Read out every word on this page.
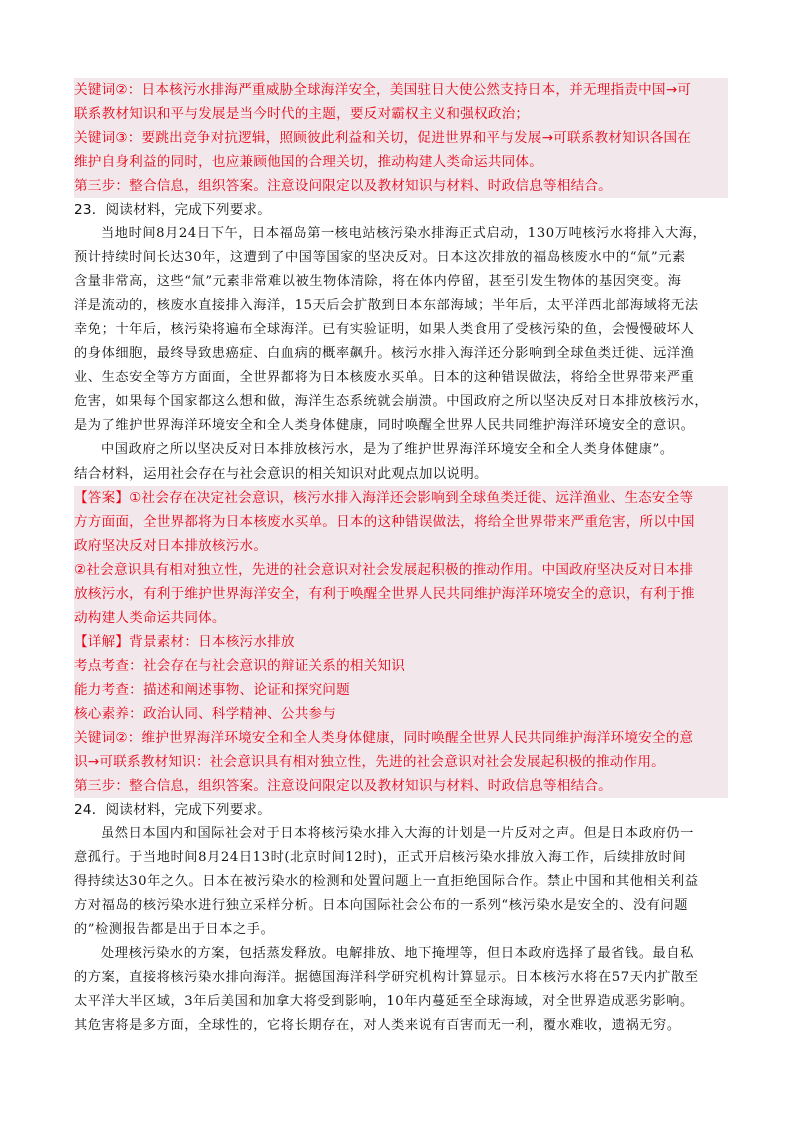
关键词②：日本核污水排海严重威胁全球海洋安全，美国驻日大使公然支持日本，并无理指责中国→可
联系教材知识和平与发展是当今时代的主题，要反对霸权主义和强权政治；
关键词③：要跳出竞争对抗逻辑，照顾彼此利益和关切，促进世界和平与发展→可联系教材知识各国在
维护自身利益的同时，也应兼顾他国的合理关切，推动构建人类命运共同体。
第三步：整合信息，组织答案。注意设问限定以及教材知识与材料、时政信息等相结合。
23．阅读材料，完成下列要求。
当地时间8月24日下午，日本福岛第一核电站核污染水排海正式启动，130万吨核污水将排入大海，
预计持续时间长达30年，这遭到了中国等国家的坚决反对。日本这次排放的福岛核废水中的“氚”元素
含量非常高，这些“氚”元素非常难以被生物体清除，将在体内停留，甚至引发生物体的基因突变。海
洋是流动的，核废水直接排入海洋，15天后会扩散到日本东部海域；半年后，太平洋西北部海域将无法
幸免；十年后，核污染将遍布全球海洋。已有实验证明，如果人类食用了受核污染的鱼，会慢慢破坏人
的身体细胞，最终导致患癌症、白血病的概率飙升。核污水排入海洋还分影响到全球鱼类迁徙、远洋渔
业、生态安全等方方面面，全世界都将为日本核废水买单。日本的这种错误做法，将给全世界带来严重
危害，如果每个国家都这么想和做，海洋生态系统就会崩溃。中国政府之所以坚决反对日本排放核污水，
是为了维护世界海洋环境安全和全人类身体健康，同时唤醒全世界人民共同维护海洋环境安全的意识。
中国政府之所以坚决反对日本排放核污水，是为了维护世界海洋环境安全和全人类身体健康”。
结合材料，运用社会存在与社会意识的相关知识对此观点加以说明。
【答案】①社会存在决定社会意识，核污水排入海洋还会影响到全球鱼类迁徙、远洋渔业、生态安全等
方方面面，全世界都将为日本核废水买单。日本的这种错误做法，将给全世界带来严重危害，所以中国
政府坚决反对日本排放核污水。
②社会意识具有相对独立性，先进的社会意识对社会发展起积极的推动作用。中国政府坚决反对日本排
放核污水，有利于维护世界海洋安全，有利于唤醒全世界人民共同维护海洋环境安全的意识，有利于推
动构建人类命运共同体。
【详解】背景素材：日本核污水排放
考点考查：社会存在与社会意识的辩证关系的相关知识
能力考查：描述和阐述事物、论证和探究问题
核心素养：政治认同、科学精神、公共参与
关键词②：维护世界海洋环境安全和全人类身体健康，同时唤醒全世界人民共同维护海洋环境安全的意
识→可联系教材知识：社会意识具有相对独立性，先进的社会意识对社会发展起积极的推动作用。
第三步：整合信息，组织答案。注意设问限定以及教材知识与材料、时政信息等相结合。
24．阅读材料，完成下列要求。
虽然日本国内和国际社会对于日本将核污染水排入大海的计划是一片反对之声。但是日本政府仍一
意孤行。于当地时间8月24日13时(北京时间12时)，正式开启核污染水排放入海工作，后续排放时间
得持续达30年之久。日本在被污染水的检测和处置问题上一直拒绝国际合作。禁止中国和其他相关利益
方对福岛的核污染水进行独立采样分析。日本向国际社会公布的一系列“核污染水是安全的、没有问题
的”检测报告都是出于日本之手。
处理核污染水的方案，包括蒸发释放。电解排放、地下掩埋等，但日本政府选择了最省钱。最自私
的方案，直接将核污染水排向海洋。据德国海洋科学研究机构计算显示。日本核污水将在57天内扩散至
太平洋大半区域，3年后美国和加拿大将受到影响，10年内蔓延至全球海域，对全世界造成恶劣影响。
其危害将是多方面，全球性的，它将长期存在，对人类来说有百害而无一利，覆水难收，遗祸无穷。
